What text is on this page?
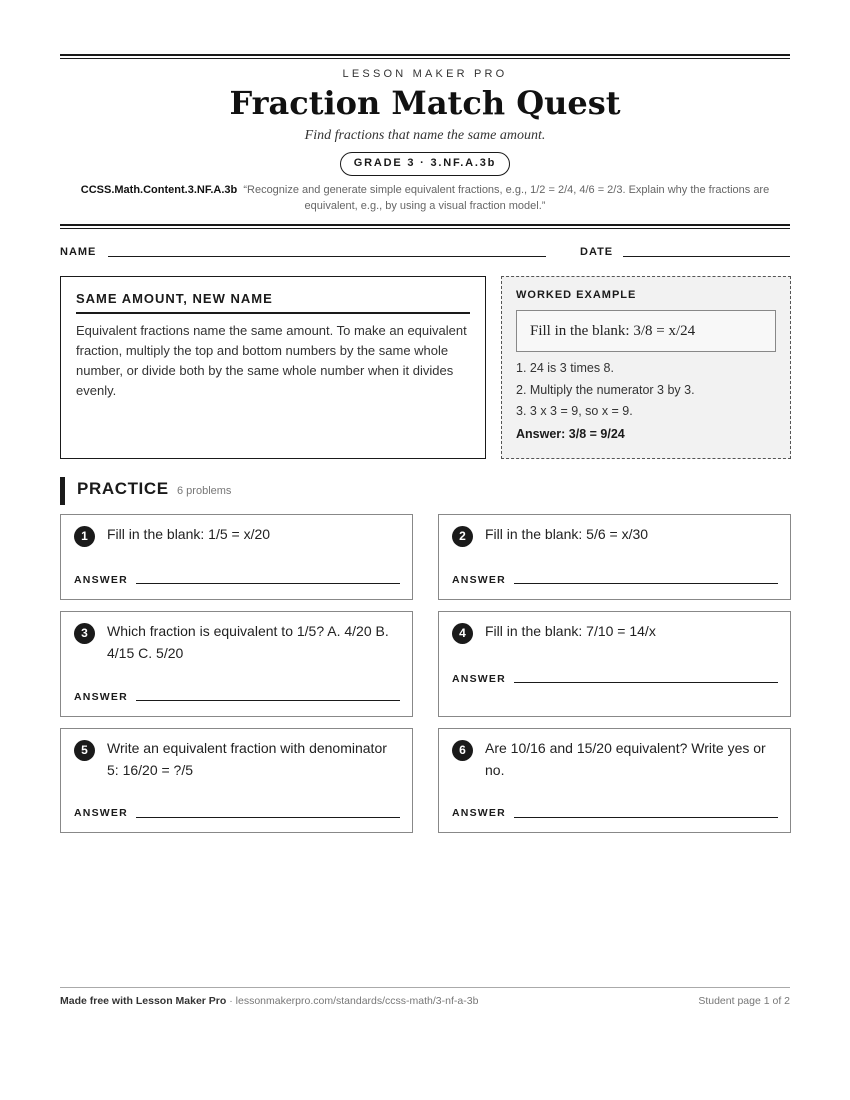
LESSON MAKER PRO
Fraction Match Quest
Find fractions that name the same amount.
GRADE 3 · 3.NF.A.3b
CCSS.Math.Content.3.NF.A.3b “Recognize and generate simple equivalent fractions, e.g., 1/2 = 2/4, 4/6 = 2/3. Explain why the fractions are equivalent, e.g., by using a visual fraction model.”
NAME	DATE
SAME AMOUNT, NEW NAME
Equivalent fractions name the same amount. To make an equivalent fraction, multiply the top and bottom numbers by the same whole number, or divide both by the same whole number when it divides evenly.
WORKED EXAMPLE
Fill in the blank: 3/8 = x/24
1. 24 is 3 times 8.
2. Multiply the numerator 3 by 3.
3. 3 x 3 = 9, so x = 9.
Answer: 3/8 = 9/24
PRACTICE 6 problems
1	Fill in the blank: 1/5 = x/20
ANSWER
2	Fill in the blank: 5/6 = x/30
ANSWER
3	Which fraction is equivalent to 1/5? A. 4/20 B. 4/15 C. 5/20
ANSWER
4	Fill in the blank: 7/10 = 14/x
ANSWER
5	Write an equivalent fraction with denominator 5: 16/20 = ?/5
ANSWER
6	Are 10/16 and 15/20 equivalent? Write yes or no.
ANSWER
Made free with Lesson Maker Pro · lessonmakerpro.com/standards/ccss-math/3-nf-a-3b	Student page 1 of 2
